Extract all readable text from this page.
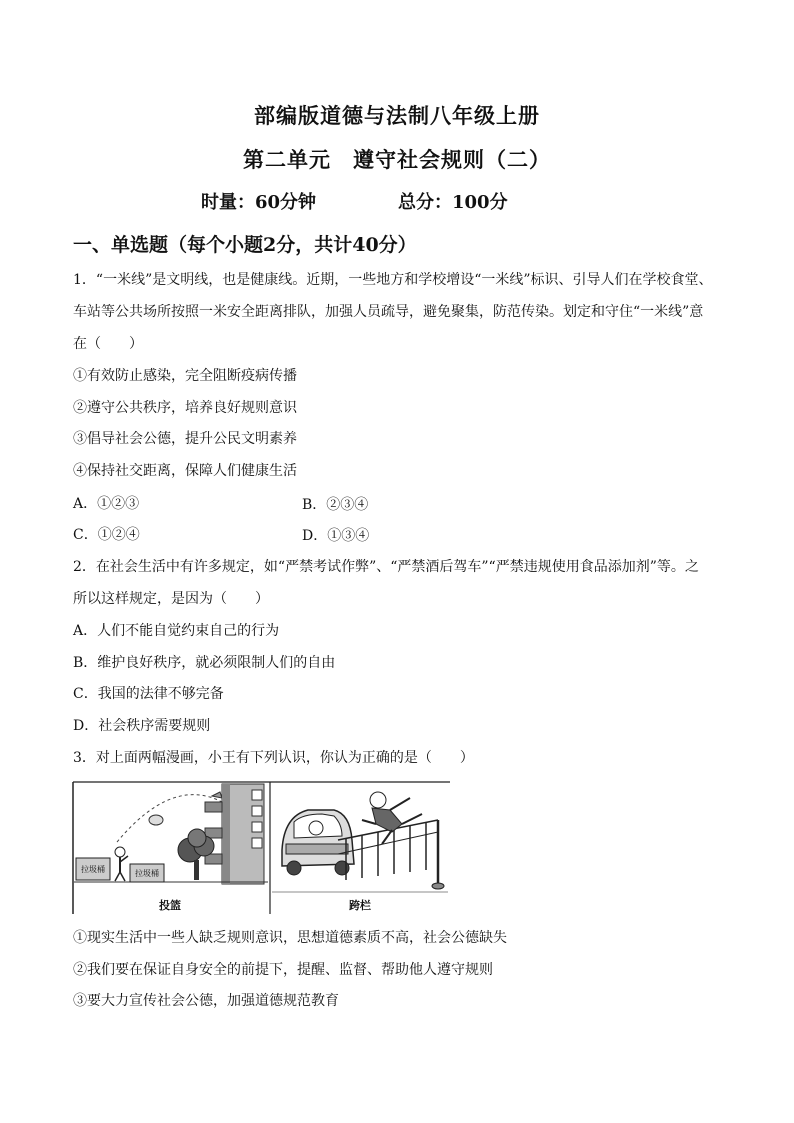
部编版道德与法制八年级上册
第二单元　遵守社会规则（二）
时量：60分钟	总分：100分
一、单选题（每个小题2分，共计40分）
1．“一米线”是文明线，也是健康线。近期，一些地方和学校增设“一米线”标识、引导人们在学校食堂、
车站等公共场所按照一米安全距离排队，加强人员疏导，避免聚集，防范传染。划定和守住“一米线”意
在（　　）
①有效防止感染，完全阻断疫病传播
②遵守公共秩序，培养良好规则意识
③倡导社会公德，提升公民文明素养
④保持社交距离，保障人们健康生活
A．①②③	B．②③④
C．①②④	D．①③④
2．在社会生活中有许多规定，如“严禁考试作弊”、“严禁酒后驾车”“严禁违规使用食品添加剂”等。之
所以这样规定，是因为（　　）
A．人们不能自觉约束自己的行为
B．维护良好秩序，就必须限制人们的自由
C．我国的法律不够完备
D．社会秩序需要规则
3．对上面两幅漫画，小王有下列认识，你认为正确的是（　　）
拉圾桶	拉圾桶
投篮	跨栏
①现实生活中一些人缺乏规则意识，思想道德素质不高，社会公德缺失
②我们要在保证自身安全的前提下，提醒、监督、帮助他人遵守规则
③要大力宣传社会公德，加强道德规范教育
